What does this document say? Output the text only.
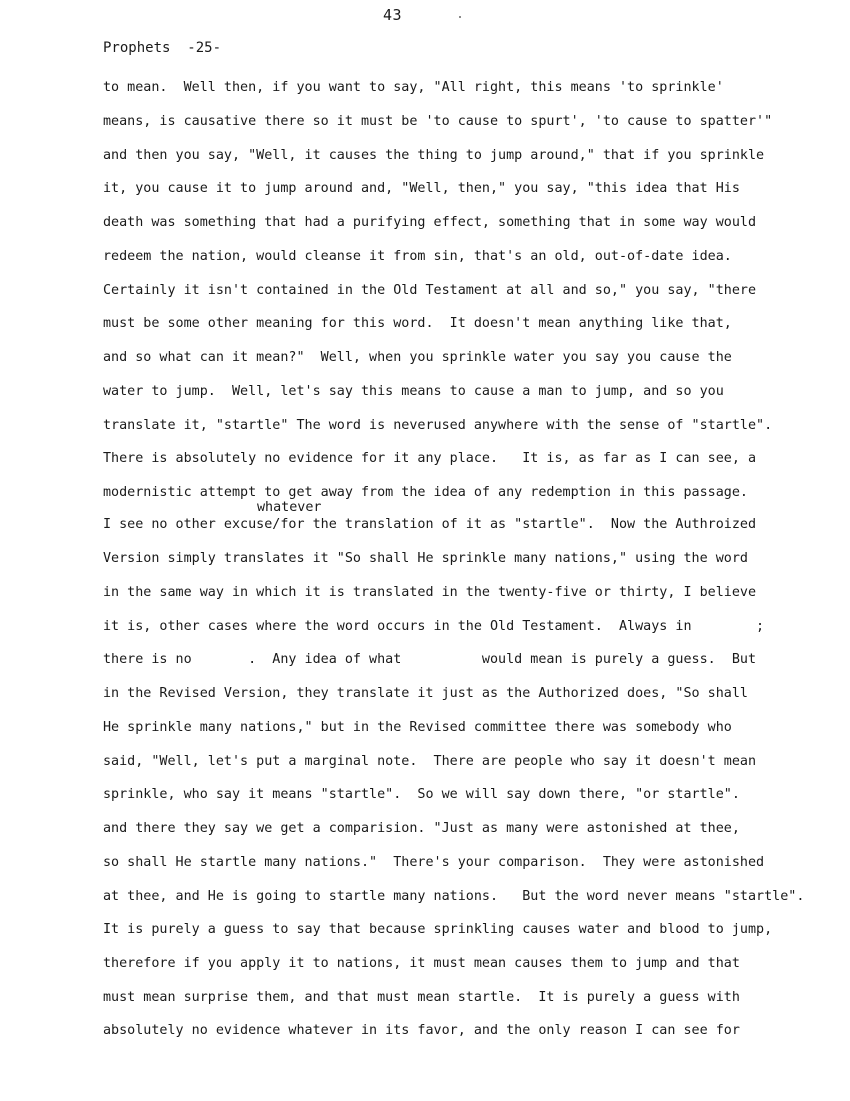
43
Prophets  -25-
whatever
to mean.  Well then, if you want to say, "All right, this means 'to sprinkle'
means, is causative there so it must be 'to cause to spurt', 'to cause to spatter'"
and then you say, "Well, it causes the thing to jump around," that if you sprinkle
it, you cause it to jump around and, "Well, then," you say, "this idea that His
death was something that had a purifying effect, something that in some way would
redeem the nation, would cleanse it from sin, that's an old, out-of-date idea.
Certainly it isn't contained in the Old Testament at all and so," you say, "there
must be some other meaning for this word.  It doesn't mean anything like that,
and so what can it mean?"  Well, when you sprinkle water you say you cause the
water to jump.  Well, let's say this means to cause a man to jump, and so you
translate it, "startle" The word is neverused anywhere with the sense of "startle".
There is absolutely no evidence for it any place.   It is, as far as I can see, a
modernistic attempt to get away from the idea of any redemption in this passage.
I see no other excuse/for the translation of it as "startle".  Now the Authroized
Version simply translates it "So shall He sprinkle many nations," using the word
in the same way in which it is translated in the twenty-five or thirty, I believe
it is, other cases where the word occurs in the Old Testament.  Always in        ;
there is no       .  Any idea of what          would mean is purely a guess.  But
in the Revised Version, they translate it just as the Authorized does, "So shall
He sprinkle many nations," but in the Revised committee there was somebody who
said, "Well, let's put a marginal note.  There are people who say it doesn't mean
sprinkle, who say it means "startle".  So we will say down there, "or startle".
and there they say we get a comparision. "Just as many were astonished at thee,
so shall He startle many nations."  There's your comparison.  They were astonished
at thee, and He is going to startle many nations.   But the word never means "startle".
It is purely a guess to say that because sprinkling causes water and blood to jump,
therefore if you apply it to nations, it must mean causes them to jump and that
must mean surprise them, and that must mean startle.  It is purely a guess with
absolutely no evidence whatever in its favor, and the only reason I can see for
